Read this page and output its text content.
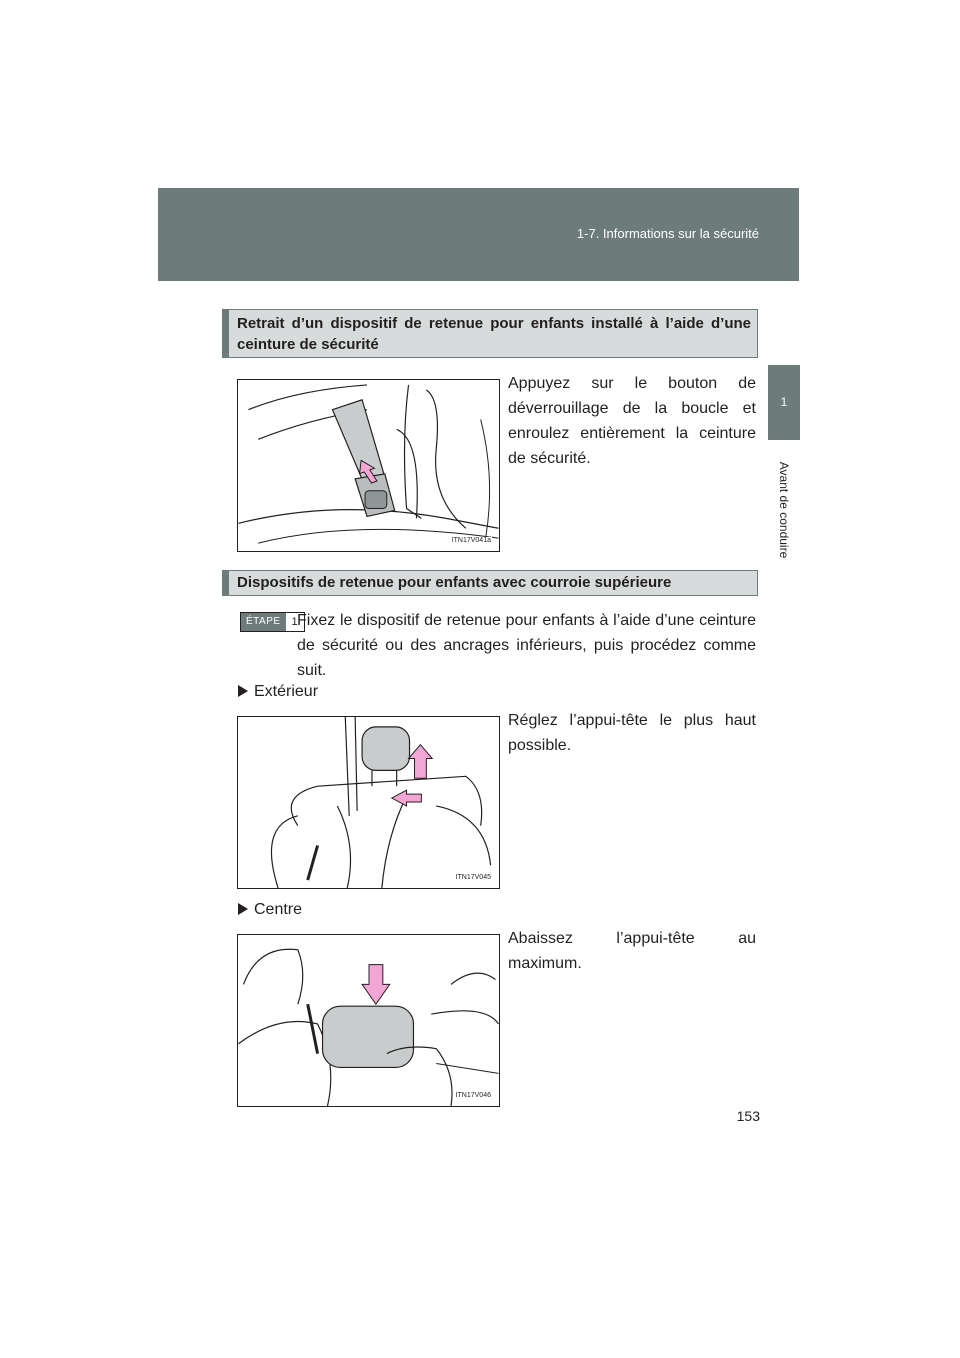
1-7. Informations sur la sécurité
1
Avant de conduire
Retrait d’un dispositif de retenue pour enfants installé à l’aide d’une ceinture de sécurité
ITN17V041a
Appuyez sur le bouton de déverrouillage de la boucle et enroulez entièrement la ceinture de sécurité.
Dispositifs de retenue pour enfants avec courroie supérieure
ÉTAPE	1 Fixez le dispositif de retenue pour enfants à l’aide d’une ceinture de sécurité ou des ancrages inférieurs, puis procédez comme suit.
Extérieur
ITN17V045
Réglez l’appui-tête le plus haut possible.
Centre
ITN17V046
Abaissez l’appui-tête au maximum.
153
